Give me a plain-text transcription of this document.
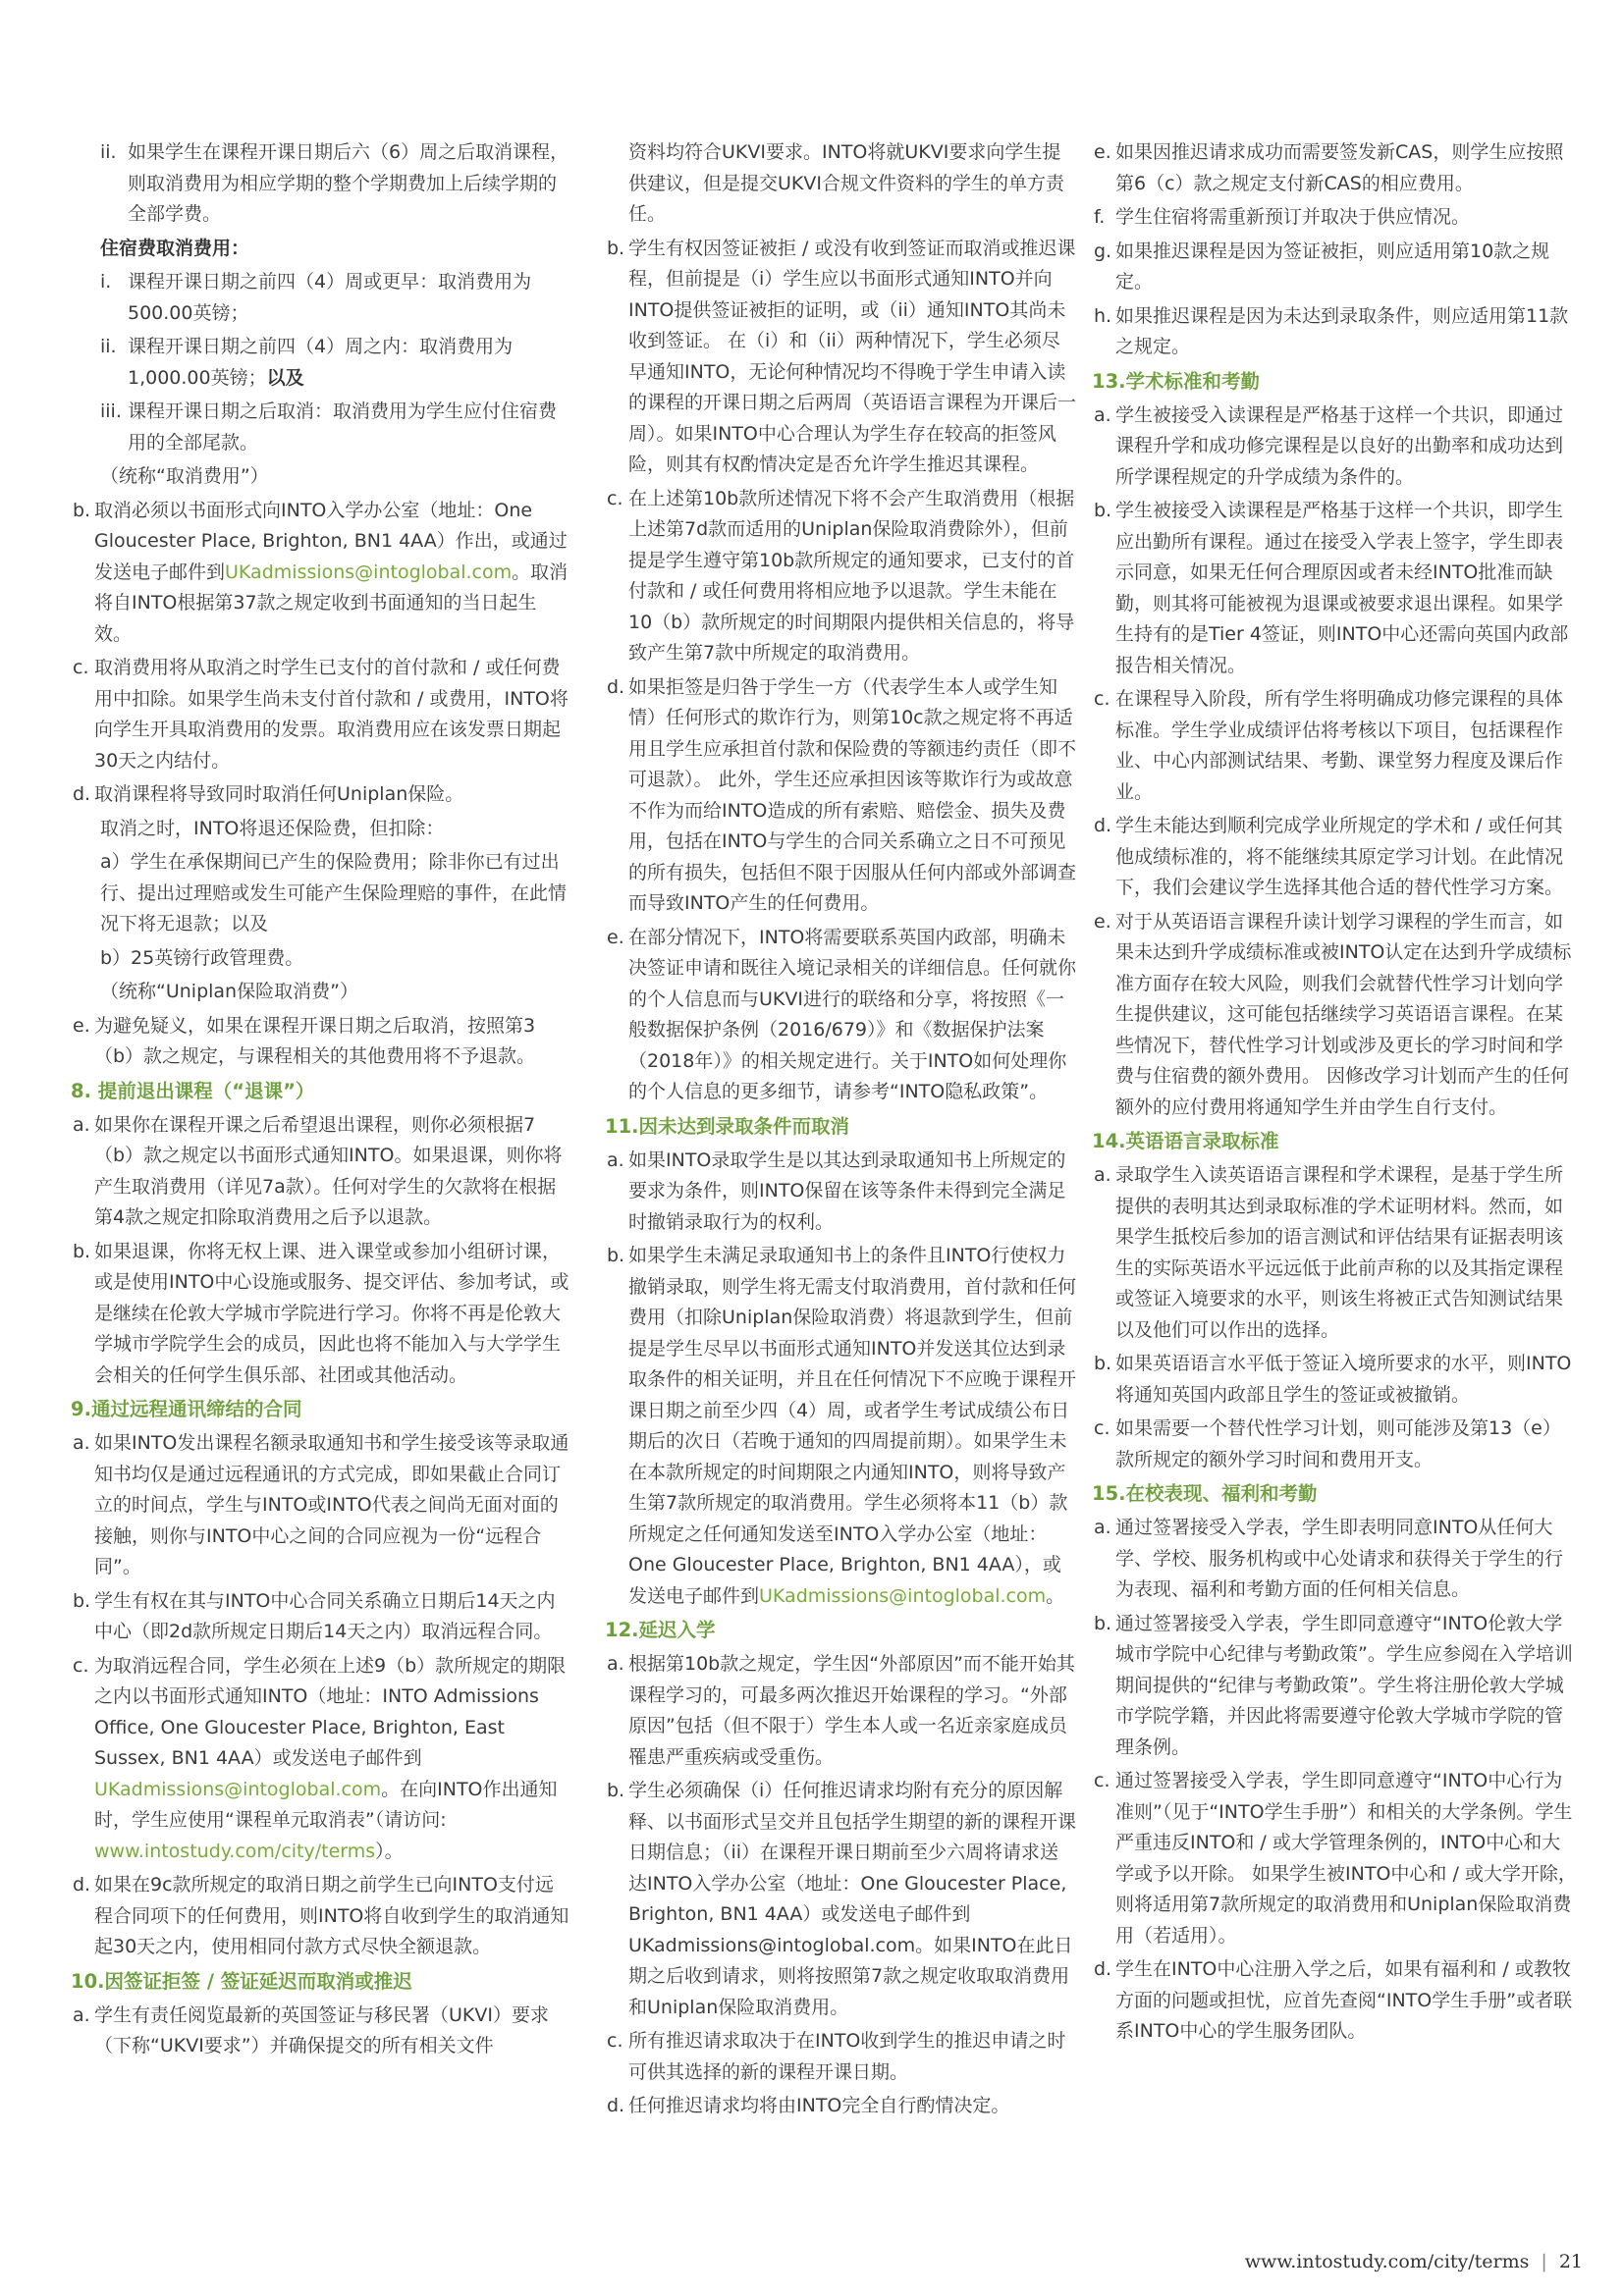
ii. 如果学生在课程开课日期后六（6）周之后取消课程，则取消费用为相应学期的整个学期费加上后续学期的全部学费。
住宿费取消费用：
i. 课程开课日期之前四（4）周或更早：取消费用为500.00英镑；
ii. 课程开课日期之前四（4）周之内：取消费用为1,000.00英镑；以及
iii. 课程开课日期之后取消：取消费用为学生应付住宿费用的全部尾款。
（统称“取消费用”）
b. 取消必须以书面形式向INTO入学办公室（地址：One Gloucester Place, Brighton, BN1 4AA）作出，或通过发送电子邮件到UKadmissions@intoglobal.com。取消将自INTO根据第37款之规定收到书面通知的当日起生效。
c. 取消费用将从取消之时学生已支付的首付款和 / 或任何费用中扣除。如果学生尚未支付首付款和 / 或费用，INTO将向学生开具取消费用的发票。取消费用应在该发票日期起30天之内结付。
d. 取消课程将导致同时取消任何Uniplan保险。
取消之时，INTO将退还保险费，但扣除：
a）学生在承保期间已产生的保险费用；除非你已有过出行、提出过理赔或发生可能产生保险理赔的事件，在此情况下将无退款；以及
b）25英镑行政管理费。
（统称“Uniplan保险取消费”）
e. 为避免疑义，如果在课程开课日期之后取消，按照第3（b）款之规定，与课程相关的其他费用将不予退款。
8. 提前退出课程（“退课”）
a. 如果你在课程开课之后希望退出课程，则你必须根据7（b）款之规定以书面形式通知INTO。如果退课，则你将产生取消费用（详见7a款）。任何对学生的欠款将在根据第4款之规定扣除取消费用之后予以退款。
b. 如果退课，你将无权上课、进入课堂或参加小组研讨课，或是使用INTO中心设施或服务、提交评估、参加考试，或是继续在伦敦大学城市学院进行学习。你将不再是伦敦大学城市学院学生会的成员，因此也将不能加入与大学学生会相关的任何学生俱乐部、社团或其他活动。
9.通过远程通讯缔结的合同
a. 如果INTO发出课程名额录取通知书和学生接受该等录取通知书均仅是通过远程通讯的方式完成，即如果截止合同订立的时间点，学生与INTO或INTO代表之间尚无面对面的接触，则你与INTO中心之间的合同应视为一份“远程合同”。
b. 学生有权在其与INTO中心合同关系确立日期后14天之内中心（即2d款所规定日期后14天之内）取消远程合同。
c. 为取消远程合同，学生必须在上述9（b）款所规定的期限之内以书面形式通知INTO（地址：INTO Admissions Office, One Gloucester Place, Brighton, East Sussex, BN1 4AA）或发送电子邮件到UKadmissions@intoglobal.com。在向INTO作出通知时，学生应使用“课程单元取消表”（请访问: www.intostudy.com/city/terms）。
d. 如果在9c款所规定的取消日期之前学生已向INTO支付远程合同项下的任何费用，则INTO将自收到学生的取消通知起30天之内，使用相同付款方式尽快全额退款。
10.因签证拒签 / 签证延迟而取消或推迟
a. 学生有责任阅览最新的英国签证与移民署（UKVI）要求（下称“UKVI要求”）并确保提交的所有相关文件
资料均符合UKVI要求。INTO将就UKVI要求向学生提供建议，但是提交UKVI合规文件资料的学生的单方责任。
b. 学生有权因签证被拒 / 或没有收到签证而取消或推迟课程，但前提是（i）学生应以书面形式通知INTO并向INTO提供签证被拒的证明，或（ii）通知INTO其尚未收到签证。 在（i）和（ii）两种情况下，学生必须尽早通知INTO，无论何种情况均不得晚于学生申请入读的课程的开课日期之后两周（英语语言课程为开课后一周）。如果INTO中心合理认为学生存在较高的拒签风险，则其有权酌情决定是否允许学生推迟其课程。
c. 在上述第10b款所述情况下将不会产生取消费用（根据上述第7d款而适用的Uniplan保险取消费除外），但前提是学生遵守第10b款所规定的通知要求，已支付的首付款和 / 或任何费用将相应地予以退款。学生未能在10（b）款所规定的时间期限内提供相关信息的，将导致产生第7款中所规定的取消费用。
d. 如果拒签是归咎于学生一方（代表学生本人或学生知情）任何形式的欺诈行为，则第10c款之规定将不再适用且学生应承担首付款和保险费的等额违约责任（即不可退款）。 此外，学生还应承担因该等欺诈行为或故意不作为而给INTO造成的所有索赔、赔偿金、损失及费用，包括在INTO与学生的合同关系确立之日不可预见的所有损失，包括但不限于因服从任何内部或外部调查而导致INTO产生的任何费用。
e. 在部分情况下，INTO将需要联系英国内政部，明确未决签证申请和既往入境记录相关的详细信息。任何就你的个人信息而与UKVI进行的联络和分享，将按照《一般数据保护条例（2016/679）》和《数据保护法案（2018年）》的相关规定进行。关于INTO如何处理你的个人信息的更多细节，请参考“INTO隐私政策”。
11.因未达到录取条件而取消
a. 如果INTO录取学生是以其达到录取通知书上所规定的要求为条件，则INTO保留在该等条件未得到完全满足时撤销录取行为的权利。
b. 如果学生未满足录取通知书上的条件且INTO行使权力撤销录取，则学生将无需支付取消费用，首付款和任何费用（扣除Uniplan保险取消费）将退款到学生，但前提是学生尽早以书面形式通知INTO并发送其位达到录取条件的相关证明，并且在任何情况下不应晚于课程开课日期之前至少四（4）周，或者学生考试成绩公布日期后的次日（若晚于通知的四周提前期）。如果学生未在本款所规定的时间期限之内通知INTO，则将导致产生第7款所规定的取消费用。学生必须将本11（b）款所规定之任何通知发送至INTO入学办公室（地址：One Gloucester Place, Brighton, BN1 4AA），或发送电子邮件到UKadmissions@intoglobal.com。
12.延迟入学
a. 根据第10b款之规定，学生因“外部原因”而不能开始其课程学习的，可最多两次推迟开始课程的学习。“外部原因”包括（但不限于）学生本人或一名近亲家庭成员罹患严重疾病或受重伤。
b. 学生必须确保（i）任何推迟请求均附有充分的原因解释、以书面形式呈交并且包括学生期望的新的课程开课日期信息；（ii）在课程开课日期前至少六周将请求送达INTO入学办公室（地址：One Gloucester Place, Brighton, BN1 4AA）或发送电子邮件到UKadmissions@intoglobal.com。如果INTO在此日期之后收到请求，则将按照第7款之规定收取取消费用和Uniplan保险取消费用。
c. 所有推迟请求取决于在INTO收到学生的推迟申请之时可供其选择的新的课程开课日期。
d. 任何推迟请求均将由INTO完全自行酌情决定。
e. 如果因推迟请求成功而需要签发新CAS，则学生应按照第6（c）款之规定支付新CAS的相应费用。
f. 学生住宿将需重新预订并取决于供应情况。
g. 如果推迟课程是因为签证被拒，则应适用第10款之规定。
h. 如果推迟课程是因为未达到录取条件，则应适用第11款之规定。
13.学术标准和考勤
a. 学生被接受入读课程是严格基于这样一个共识，即通过课程升学和成功修完课程是以良好的出勤率和成功达到所学课程规定的升学成绩为条件的。
b. 学生被接受入读课程是严格基于这样一个共识，即学生应出勤所有课程。通过在接受入学表上签字，学生即表示同意，如果无任何合理原因或者未经INTO批准而缺勤，则其将可能被视为退课或被要求退出课程。如果学生持有的是Tier 4签证，则INTO中心还需向英国内政部报告相关情况。
c. 在课程导入阶段，所有学生将明确成功修完课程的具体标准。学生学业成绩评估将考核以下项目，包括课程作业、中心内部测试结果、考勤、课堂努力程度及课后作业。
d. 学生未能达到顺利完成学业所规定的学术和 / 或任何其他成绩标准的，将不能继续其原定学习计划。在此情况下，我们会建议学生选择其他合适的替代性学习方案。
e. 对于从英语语言课程升读计划学习课程的学生而言，如果未达到升学成绩标准或被INTO认定在达到升学成绩标准方面存在较大风险，则我们会就替代性学习计划向学生提供建议，这可能包括继续学习英语语言课程。在某些情况下，替代性学习计划或涉及更长的学习时间和学费与住宿费的额外费用。 因修改学习计划而产生的任何额外的应付费用将通知学生并由学生自行支付。
14.英语语言录取标准
a. 录取学生入读英语语言课程和学术课程，是基于学生所提供的表明其达到录取标准的学术证明材料。然而，如果学生抵校后参加的语言测试和评估结果有证据表明该生的实际英语水平远远低于此前声称的以及其指定课程或签证入境要求的水平，则该生将被正式告知测试结果以及他们可以作出的选择。
b. 如果英语语言水平低于签证入境所要求的水平，则INTO将通知英国内政部且学生的签证或被撤销。
c. 如果需要一个替代性学习计划，则可能涉及第13（e）款所规定的额外学习时间和费用开支。
15.在校表现、福利和考勤
a. 通过签署接受入学表，学生即表明同意INTO从任何大学、学校、服务机构或中心处请求和获得关于学生的行为表现、福利和考勤方面的任何相关信息。
b. 通过签署接受入学表，学生即同意遵守“INTO伦敦大学城市学院中心纪律与考勤政策”。学生应参阅在入学培训期间提供的“纪律与考勤政策”。学生将注册伦敦大学城市学院学籍，并因此将需要遵守伦敦大学城市学院的管理条例。
c. 通过签署接受入学表，学生即同意遵守“INTO中心行为准则”（见于“INTO学生手册”）和相关的大学条例。学生严重违反INTO和 / 或大学管理条例的，INTO中心和大学或予以开除。 如果学生被INTO中心和 / 或大学开除，则将适用第7款所规定的取消费用和Uniplan保险取消费用（若适用）。
d. 学生在INTO中心注册入学之后，如果有福利和 / 或教牧方面的问题或担忧，应首先查阅“INTO学生手册”或者联系INTO中心的学生服务团队。
www.intostudy.com/city/terms | 21
